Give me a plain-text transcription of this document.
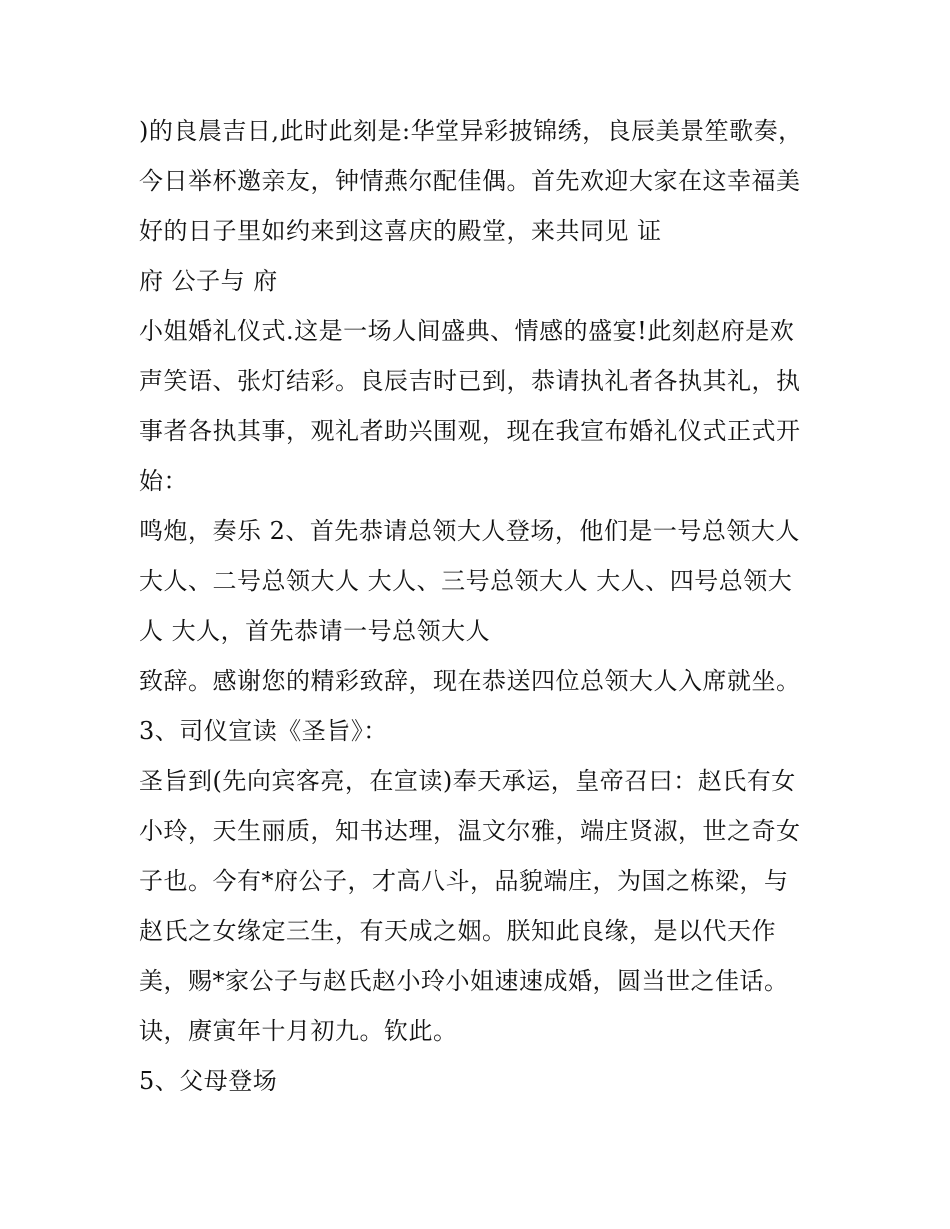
)的良晨吉日,此时此刻是:华堂异彩披锦绣，良辰美景笙歌奏，
今日举杯邀亲友，钟情燕尔配佳偶。首先欢迎大家在这幸福美
好的日子里如约来到这喜庆的殿堂，来共同见 证
府 公子与 府
小姐婚礼仪式.这是一场人间盛典、情感的盛宴!此刻赵府是欢
声笑语、张灯结彩。良辰吉时已到，恭请执礼者各执其礼，执
事者各执其事，观礼者助兴围观，现在我宣布婚礼仪式正式开
始：
鸣炮，奏乐 2、首先恭请总领大人登场，他们是一号总领大人
大人、二号总领大人 大人、三号总领大人 大人、四号总领大
人 大人，首先恭请一号总领大人
致辞。感谢您的精彩致辞，现在恭送四位总领大人入席就坐。
3、司仪宣读《圣旨》：
圣旨到(先向宾客亮，在宣读)奉天承运，皇帝召曰：赵氏有女
小玲，天生丽质，知书达理，温文尔雅，端庄贤淑，世之奇女
子也。今有*府公子，才高八斗，品貌端庄，为国之栋梁，与
赵氏之女缘定三生，有天成之姻。朕知此良缘，是以代天作
美，赐*家公子与赵氏赵小玲小姐速速成婚，圆当世之佳话。
诀，赓寅年十月初九。钦此。
5、父母登场
